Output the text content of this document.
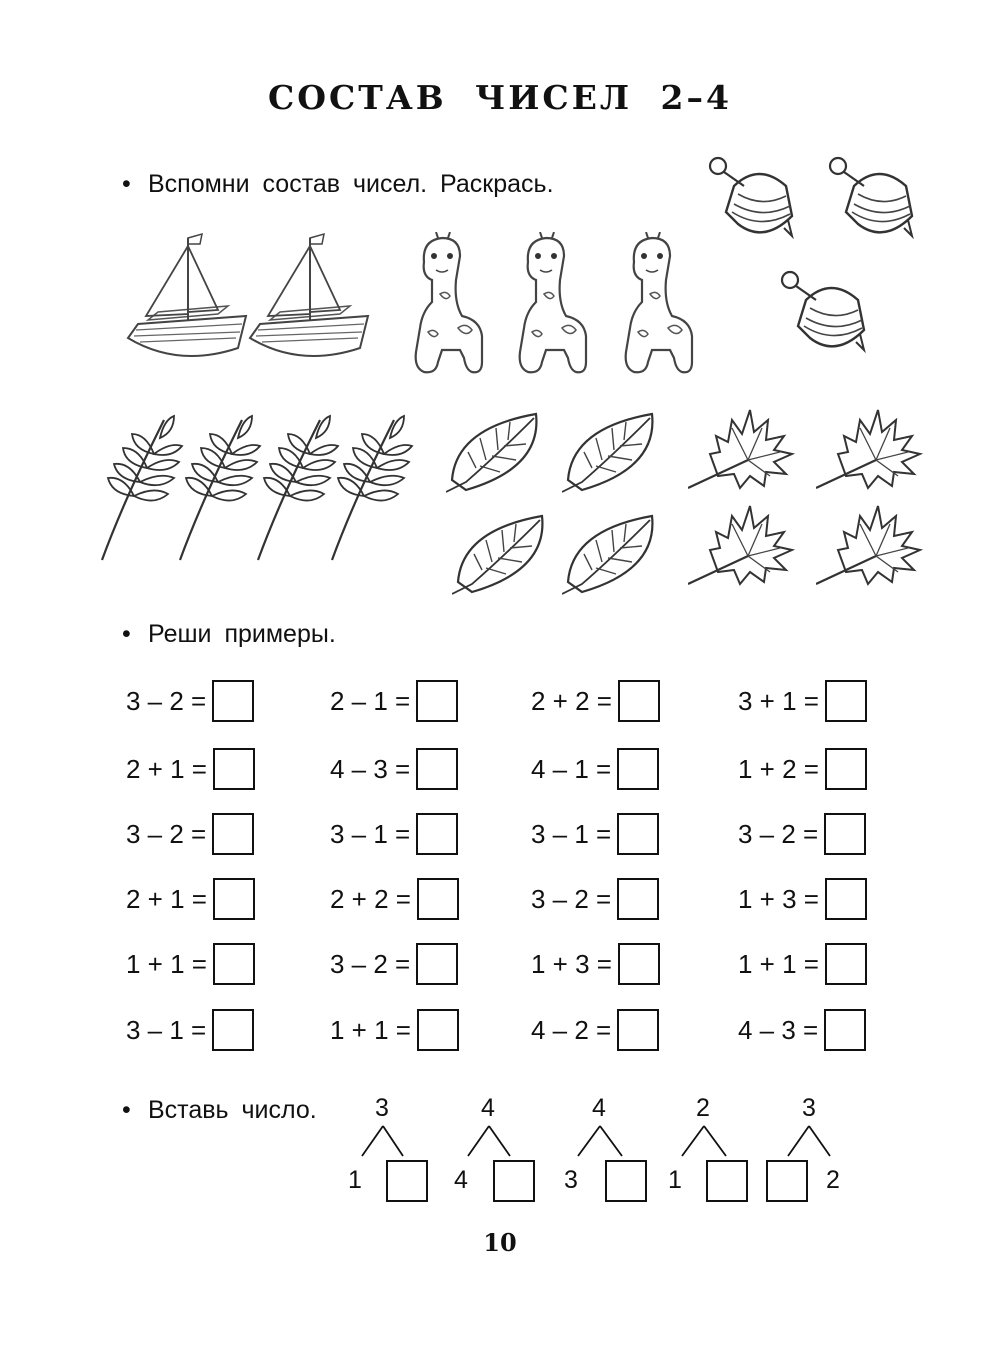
СОСТАВ ЧИСЕЛ 2–4
• Вспомни состав чисел. Раскрась.
• Реши примеры.
3 – 2 =	2 – 1 =	2 + 2 =	3 + 1 =
2 + 1 =	4 – 3 =	4 – 1 =	1 + 2 =
3 – 2 =	3 – 1 =	3 – 1 =	3 – 2 =
2 + 1 =	2 + 2 =	3 – 2 =	1 + 3 =
1 + 1 =	3 – 2 =	1 + 3 =	1 + 1 =
3 – 1 =	1 + 1 =	4 – 2 =	4 – 3 =
• Вставь число. 3
1
4
4
4
3
2
1
3
2
10
